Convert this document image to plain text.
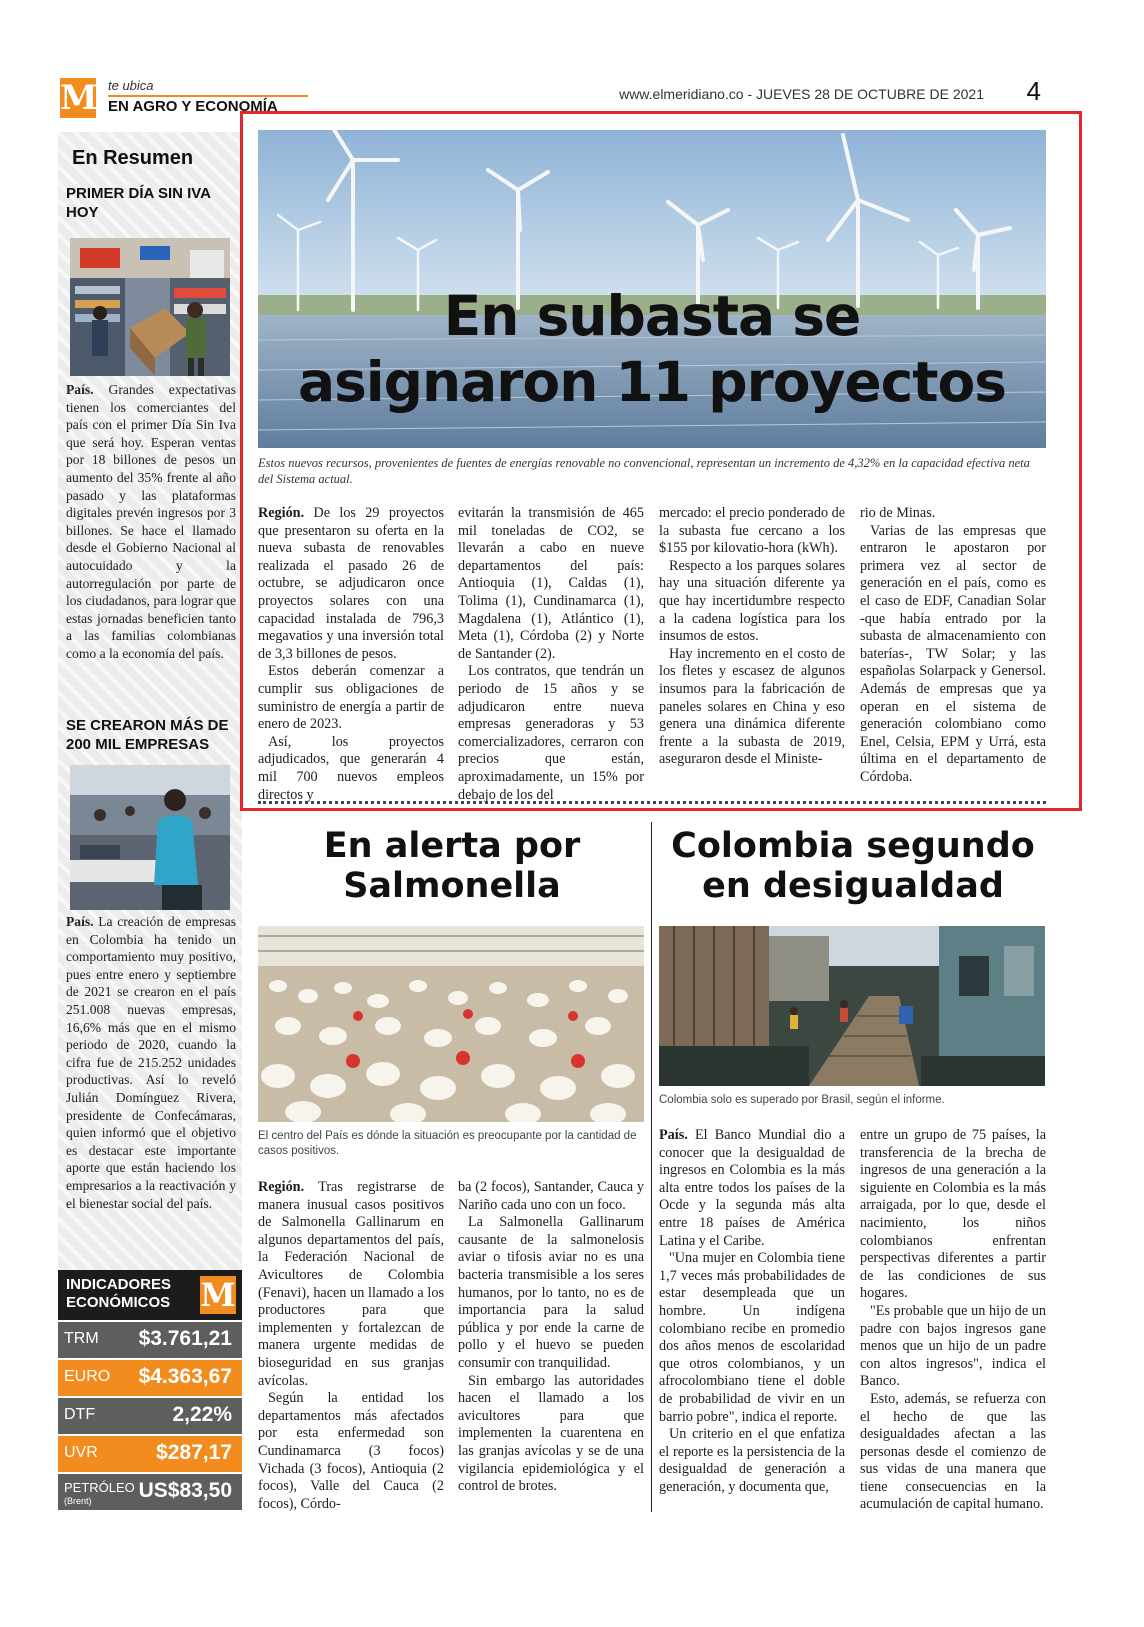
M te ubica
EN AGRO Y ECONOMÍA
www.elmeridiano.co - JUEVES 28 DE OCTUBRE DE 2021 4
En Resumen
PRIMER DÍA SIN IVA HOY
País. Grandes expectativas tienen los comerciantes del país con el primer Día Sin Iva que será hoy. Esperan ventas por 18 billones de pesos un aumento del 35% frente al año pasado y las plataformas digitales prevén ingresos por 3 billones. Se hace el llamado desde el Gobierno Nacional al autocuidado y la autorregulación por parte de los ciudadanos, para lograr que estas jornadas beneficien tanto a las familias colombianas como a la economía del país.
SE CREARON MÁS DE 200 MIL EMPRESAS
País. La creación de empresas en Colombia ha tenido un comportamiento muy positivo, pues entre enero y septiembre de 2021 se crearon en el país 251.008 nuevas empresas, 16,6% más que en el mismo periodo de 2020, cuando la cifra fue de 215.252 unidades productivas. Así lo reveló Julián Domínguez Rivera, presidente de Confecámaras, quien informó que el objetivo es destacar este importante aporte que están haciendo los empresarios a la reactivación y el bienestar social del país.
INDICADORES
ECONÓMICOS M
TRM $3.761,21
EURO $4.363,67
DTF	2,22%
UVR	$287,17
PETRÓLEO
(Brent) US$83,50
En subasta se
asignaron 11 proyectos
Estos nuevos recursos, provenientes de fuentes de energías renovable no convencional, representan un incremento de 4,32% en la capacidad efectiva neta del Sistema actual.

Región. De los 29 proyectos que presentaron su oferta en la nueva subasta de renovables realizada el pasado 26 de octubre, se adjudicaron once proyectos solares con una capacidad instalada de 796,3 megavatios y una inversión total de 3,3 billones de pesos.

Estos deberán comenzar a cumplir sus obligaciones de suministro de energía a partir de enero de 2023.

Así, los proyectos adjudicados, que generarán 4 mil 700 nuevos empleos directos y

evitarán la transmisión de 465 mil toneladas de CO2, se llevarán a cabo en nueve departamentos del país: Antioquia (1), Caldas (1), Tolima (1), Cundinamarca (1), Magdalena (1), Atlántico (1), Meta (1), Córdoba (2) y Norte de Santander (2).

Los contratos, que tendrán un periodo de 15 años y se adjudicaron entre nueva empresas generadoras y 53 comercializadores, cerraron con precios que están, aproximadamente, un 15% por debajo de los del

mercado: el precio ponderado de la subasta fue cercano a los $155 por kilovatio-hora (kWh).

Respecto a los parques solares hay una situación diferente ya que hay incertidumbre respecto a la cadena logística para los insumos de estos.

Hay incremento en el costo de los fletes y escasez de algunos insumos para la fabricación de paneles solares en China y eso genera una dinámica diferente frente a la subasta de 2019, aseguraron desde el Ministe-

rio de Minas.

Varias de las empresas que entraron le apostaron por primera vez al sector de generación en el país, como es el caso de EDF, Canadian Solar -que había entrado por la subasta de almacenamiento con baterías-, TW Solar; y las españolas Solarpack y Genersol. Además de empresas que ya operan en el sistema de generación colombiano como Enel, Celsia, EPM y Urrá, esta última en el departamento de Córdoba.

En alerta por
Salmonella
El centro del País es dónde la situación es preocupante por la cantidad de casos positivos.

Región. Tras registrarse de manera inusual casos positivos de Salmonella Gallinarum en algunos departamentos del país, la Federación Nacional de Avicultores de Colombia (Fenavi), hacen un llamado a los productores para que implementen y fortalezcan de manera urgente medidas de bioseguridad en sus granjas avícolas.

Según la entidad los departamentos más afectados por esta enfermedad son Cundinamarca (3 focos) Vichada (3 focos), Antioquia (2 focos), Valle del Cauca (2 focos), Córdo-

ba (2 focos), Santander, Cauca y Nariño cada uno con un foco.

La Salmonella Gallinarum causante de la salmonelosis aviar o tifosis aviar no es una bacteria transmisible a los seres humanos, por lo tanto, no es de importancia para la salud pública y por ende la carne de pollo y el huevo se pueden consumir con tranquilidad.

Sin embargo las autoridades hacen el llamado a los avicultores para que implementen la cuarentena en las granjas avícolas y se de una vigilancia epidemiológica y el control de brotes.

Colombia segundo
en desigualdad
Colombia solo es superado por Brasil, según el informe.

País. El Banco Mundial dio a conocer que la desigualdad de ingresos en Colombia es la más alta entre todos los países de la Ocde y la segunda más alta entre 18 países de América Latina y el Caribe.

"Una mujer en Colombia tiene 1,7 veces más probabilidades de estar desempleada que un hombre. Un indígena colombiano recibe en promedio dos años menos de escolaridad que otros colombianos, y un afrocolombiano tiene el doble de probabilidad de vivir en un barrio pobre", indica el reporte.

Un criterio en el que enfatiza el reporte es la persistencia de la desigualdad de generación a generación, y documenta que,

entre un grupo de 75 países, la transferencia de la brecha de ingresos de una generación a la siguiente en Colombia es la más arraigada, por lo que, desde el nacimiento, los niños colombianos enfrentan perspectivas diferentes a partir de las condiciones de sus hogares.

"Es probable que un hijo de un padre con bajos ingresos gane menos que un hijo de un padre con altos ingresos", indica el Banco.

Esto, además, se refuerza con el hecho de que las desigualdades afectan a las personas desde el comienzo de sus vidas de una manera que tiene consecuencias en la acumulación de capital humano.
